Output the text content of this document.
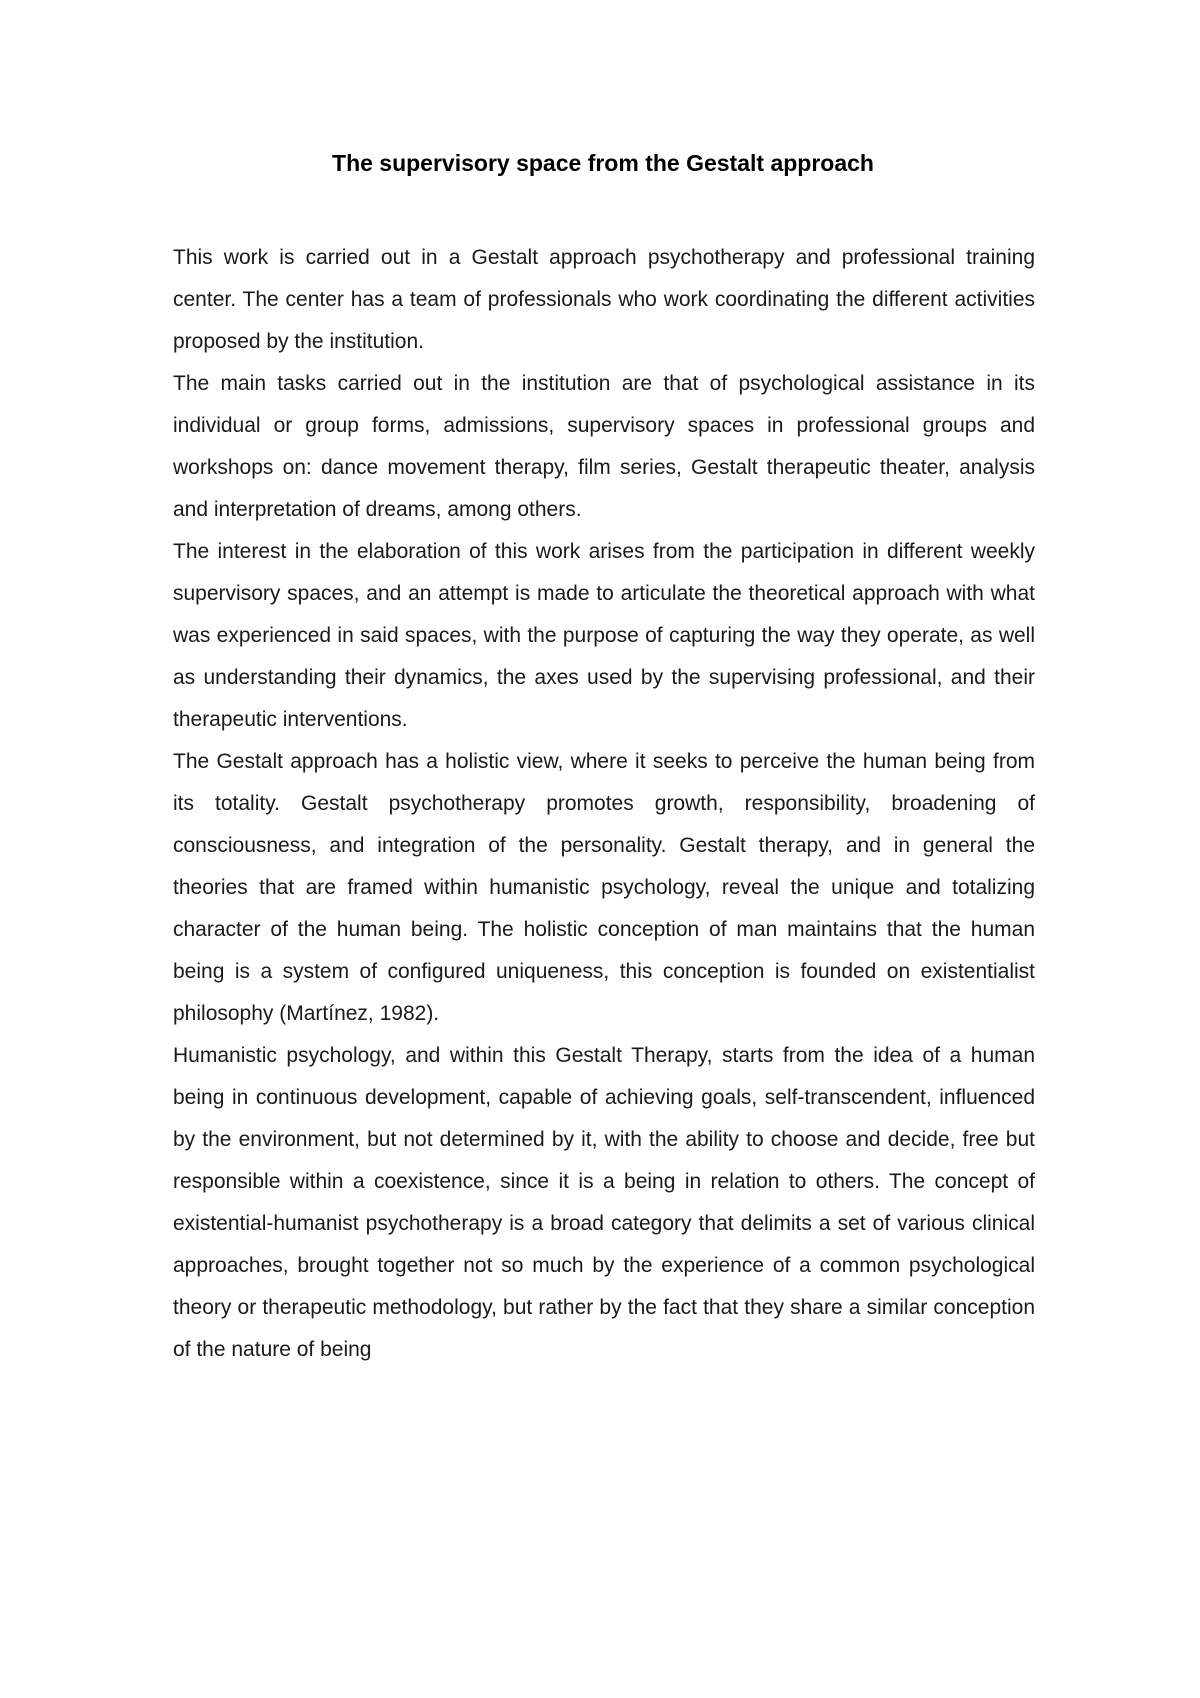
The supervisory space from the Gestalt approach

This work is carried out in a Gestalt approach psychotherapy and professional training center. The center has a team of professionals who work coordinating the different activities proposed by the institution.

The main tasks carried out in the institution are that of psychological assistance in its individual or group forms, admissions, supervisory spaces in professional groups and workshops on: dance movement therapy, film series, Gestalt therapeutic theater, analysis and interpretation of dreams, among others.

The interest in the elaboration of this work arises from the participation in different weekly supervisory spaces, and an attempt is made to articulate the theoretical approach with what was experienced in said spaces, with the purpose of capturing the way they operate, as well as understanding their dynamics, the axes used by the supervising professional, and their therapeutic interventions.

The Gestalt approach has a holistic view, where it seeks to perceive the human being from its totality. Gestalt psychotherapy promotes growth, responsibility, broadening of consciousness, and integration of the personality. Gestalt therapy, and in general the theories that are framed within humanistic psychology, reveal the unique and totalizing character of the human being. The holistic conception of man maintains that the human being is a system of configured uniqueness, this conception is founded on existentialist philosophy (Martínez, 1982).

Humanistic psychology, and within this Gestalt Therapy, starts from the idea of a human being in continuous development, capable of achieving goals, self-transcendent, influenced by the environment, but not determined by it, with the ability to choose and decide, free but responsible within a coexistence, since it is a being in relation to others. The concept of existential-humanist psychotherapy is a broad category that delimits a set of various clinical approaches, brought together not so much by the experience of a common psychological theory or therapeutic methodology, but rather by the fact that they share a similar conception of the nature of being
